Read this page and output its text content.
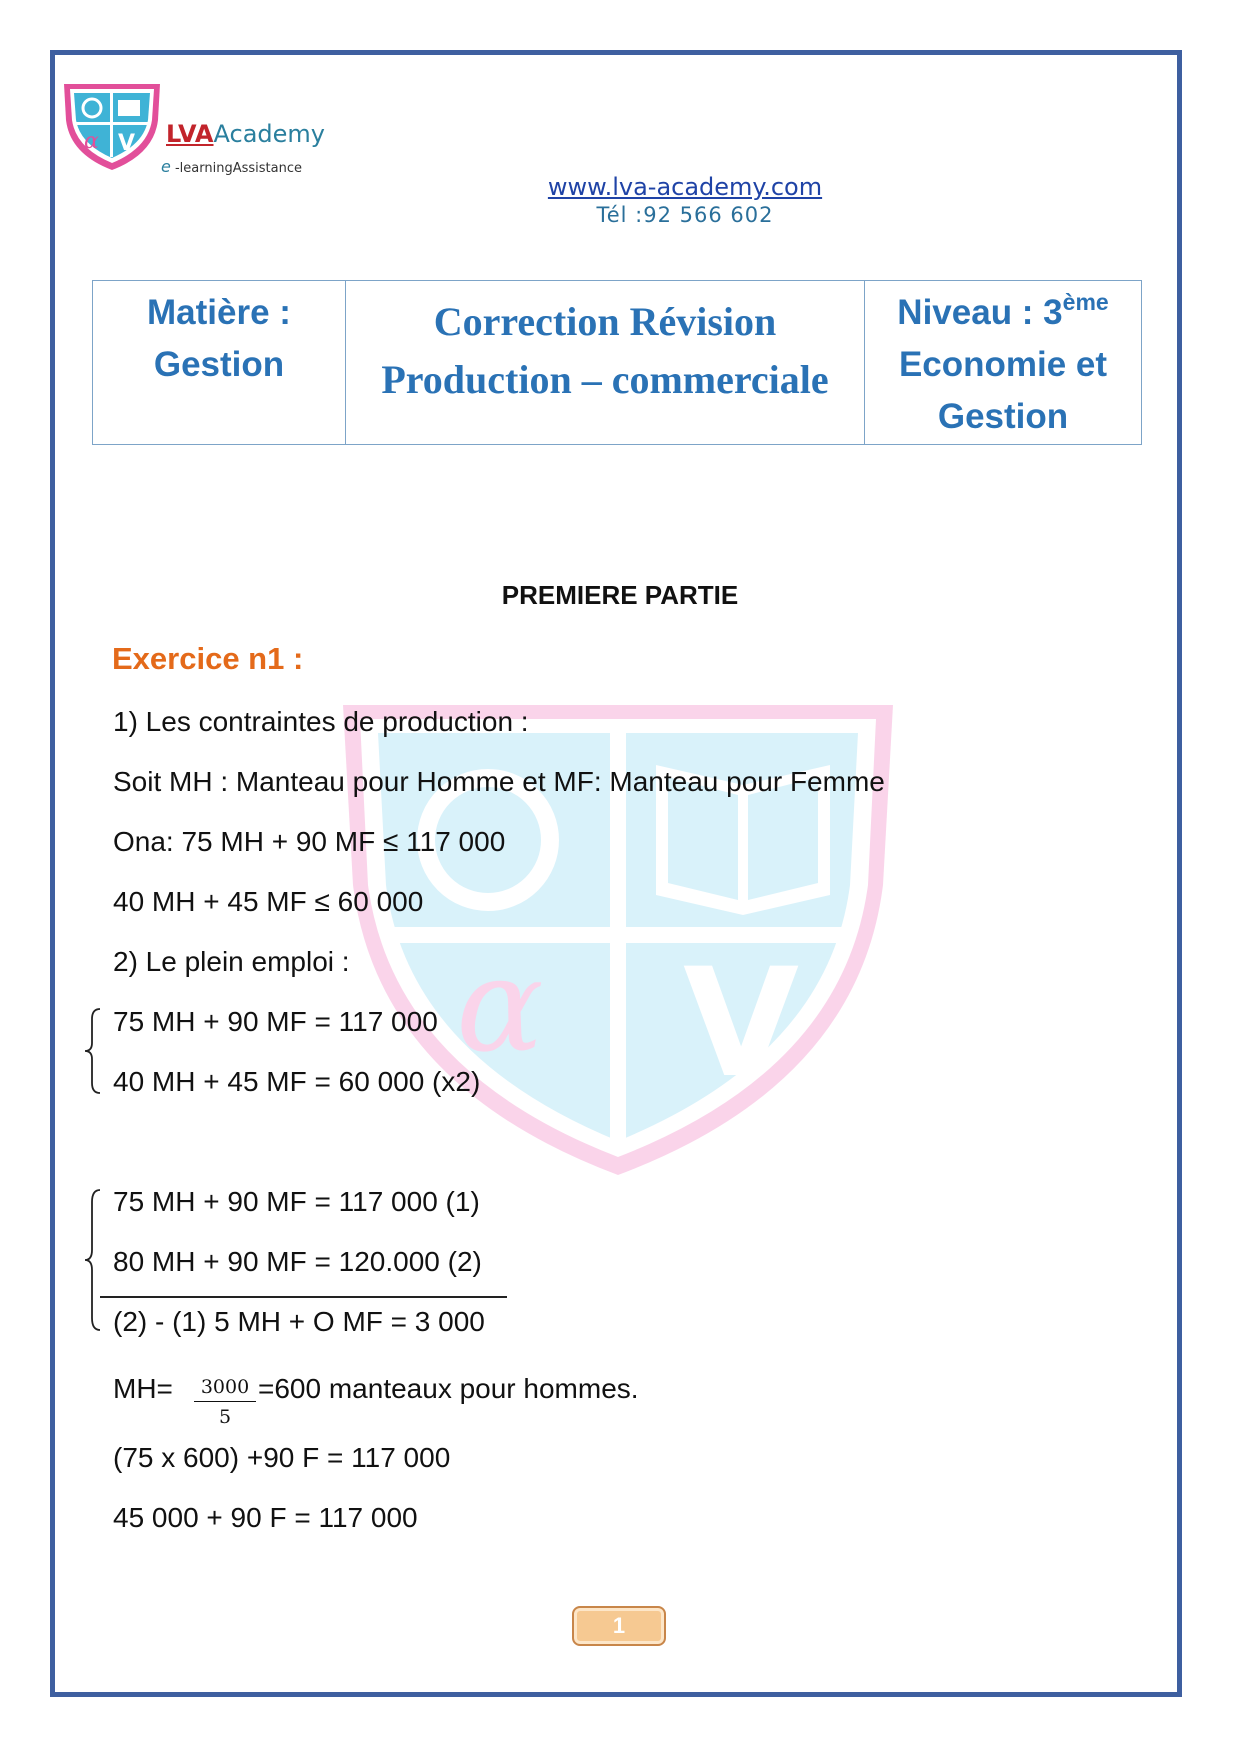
α V LVAAcademy
e -learningAssistance
www.lva-academy.com
Tél :92 566 602
Matière :
Gestion

Correction Révision
Production – commerciale

Niveau : 3ème
Economie et
Gestion
α V
PREMIERE PARTIE
Exercice n1 :
1) Les contraintes de production :
Soit MH : Manteau pour Homme et MF: Manteau pour Femme
Ona: 75 MH + 90 MF ≤ 117 000
40 MH + 45 MF ≤ 60 000
2) Le plein emploi :
75 MH + 90 MF = 117 000
40 MH + 45 MF = 60 000 (x2)
75 MH + 90 MF = 117 000 (1)
80 MH + 90 MF = 120.000 (2)
(2) - (1) 5 MH + O MF = 3 000
$MH= \frac{3000}{5} =600$ manteaux pour hommes.
(75 x 600) +90 F = 117 000
45 000 + 90 F = 117 000
1
